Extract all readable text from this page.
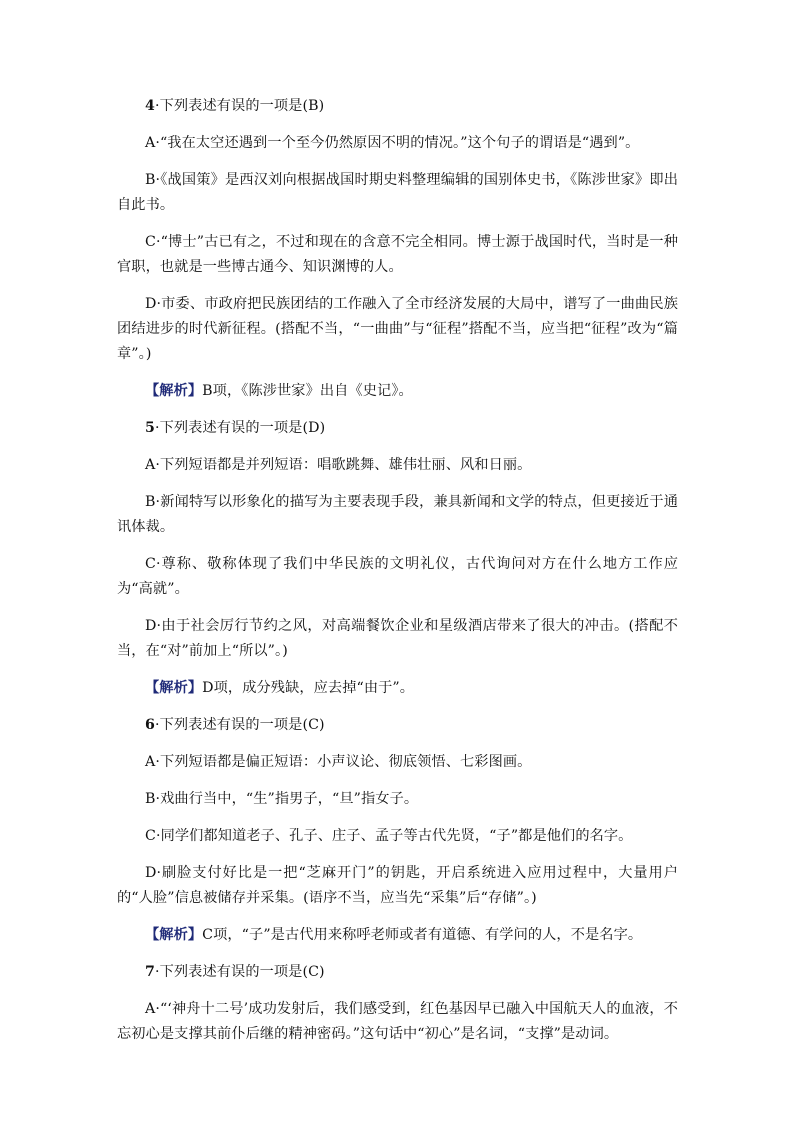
4·下列表述有误的一项是(B)

A·“我在太空还遇到一个至今仍然原因不明的情况。”这个句子的谓语是“遇到”。

B·《战国策》是西汉刘向根据战国时期史料整理编辑的国别体史书，《陈涉世家》即出自此书。

C·“博士”古已有之，不过和现在的含意不完全相同。博士源于战国时代，当时是一种官职，也就是一些博古通今、知识渊博的人。

D·市委、市政府把民族团结的工作融入了全市经济发展的大局中，谱写了一曲曲民族团结进步的时代新征程。(搭配不当，“一曲曲”与“征程”搭配不当，应当把“征程”改为“篇章”。)

【解析】B项，《陈涉世家》出自《史记》。

5·下列表述有误的一项是(D)

A·下列短语都是并列短语：唱歌跳舞、雄伟壮丽、风和日丽。

B·新闻特写以形象化的描写为主要表现手段，兼具新闻和文学的特点，但更接近于通讯体裁。

C·尊称、敬称体现了我们中华民族的文明礼仪，古代询问对方在什么地方工作应为“高就”。

D·由于社会厉行节约之风，对高端餐饮企业和星级酒店带来了很大的冲击。(搭配不当，在“对”前加上“所以”。)

【解析】D项，成分残缺，应去掉“由于”。

6·下列表述有误的一项是(C)

A·下列短语都是偏正短语：小声议论、彻底领悟、七彩图画。

B·戏曲行当中，“生”指男子，“旦”指女子。

C·同学们都知道老子、孔子、庄子、孟子等古代先贤，“子”都是他们的名字。

D·刷脸支付好比是一把“芝麻开门”的钥匙，开启系统进入应用过程中，大量用户的“人脸”信息被储存并采集。(语序不当，应当先“采集”后“存储”。)

【解析】C项，“子”是古代用来称呼老师或者有道德、有学问的人，不是名字。

7·下列表述有误的一项是(C)

A·“‘神舟十二号’成功发射后，我们感受到，红色基因早已融入中国航天人的血液，不忘初心是支撑其前仆后继的精神密码。”这句话中“初心”是名词，“支撑”是动词。
